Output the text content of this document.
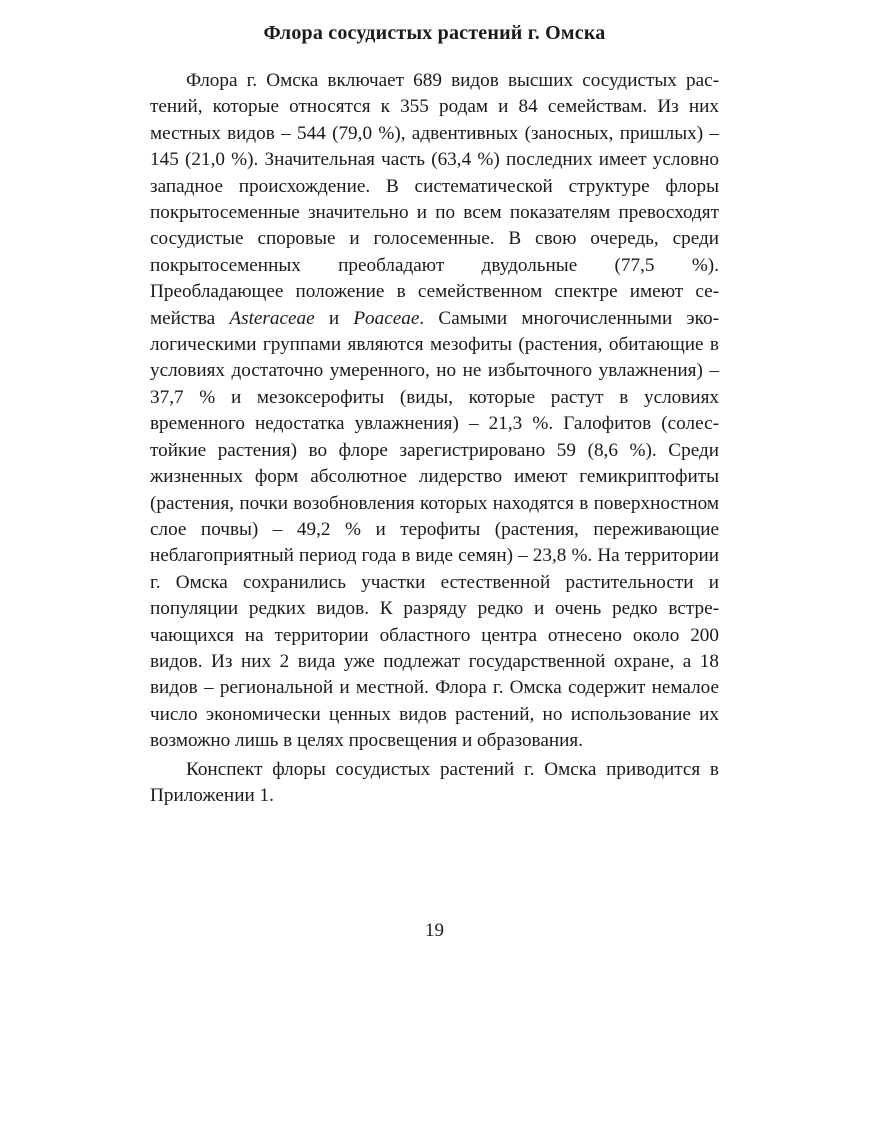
Флора сосудистых растений г. Омска

Флора г. Омска включает 689 видов высших сосудистых растений, которые относятся к 355 родам и 84 семействам. Из них местных видов – 544 (79,0 %), адвентивных (заносных, пришлых) – 145 (21,0 %). Значительная часть (63,4 %) последних имеет условно западное происхождение. В систематической структуре флоры покрытосеменные значительно и по всем показателям превосходят сосудистые споровые и голосеменные. В свою очередь, среди покрытосеменных преобладают двудольные (77,5 %). Преобладающее положение в семейственном спектре имеют семейства Asteraceae и Poaceae. Самыми многочисленными экологическими группами являются мезофиты (растения, обитающие в условиях достаточно умеренного, но не избыточного увлажнения) – 37,7 % и мезоксерофиты (виды, которые растут в условиях временного недостатка увлажнения) – 21,3 %. Галофитов (солестойкие растения) во флоре зарегистрировано 59 (8,6 %). Среди жизненных форм абсолютное лидерство имеют гемикриптофиты (растения, почки возобновления которых находятся в поверхностном слое почвы) – 49,2 % и терофиты (растения, переживающие неблагоприятный период года в виде семян) – 23,8 %. На территории г. Омска сохранились участки естественной растительности и популяции редких видов. К разряду редко и очень редко встречающихся на территории областного центра отнесено около 200 видов. Из них 2 вида уже подлежат государственной охране, а 18 видов – региональной и местной. Флора г. Омска содержит немалое число экономически ценных видов растений, но использование их возможно лишь в целях просвещения и образования.

Конспект флоры сосудистых растений г. Омска приводится в Приложении 1.

19
